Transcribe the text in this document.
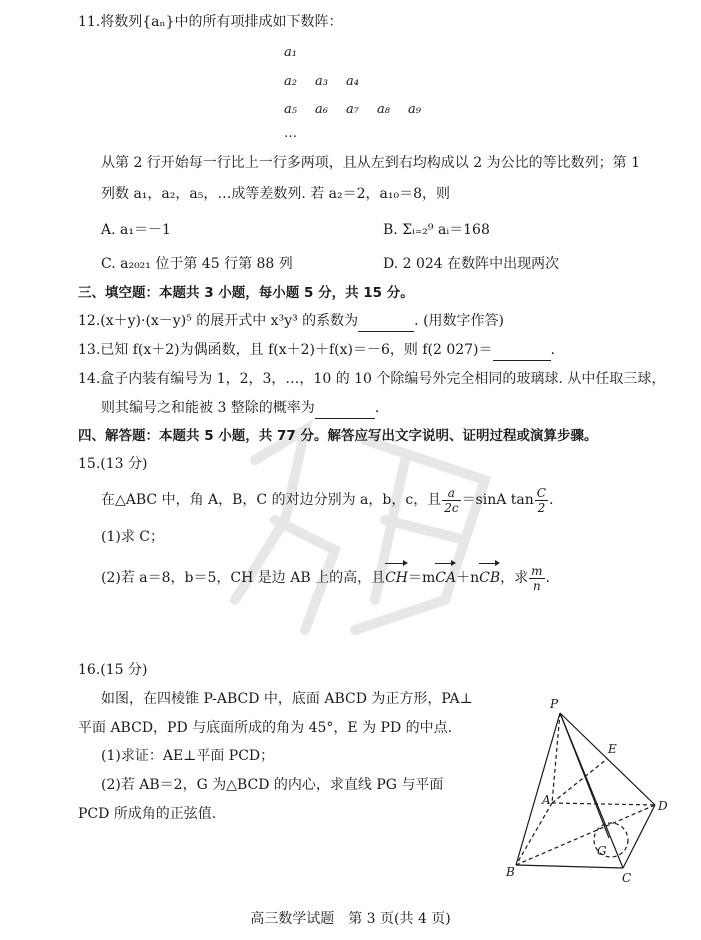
11.将数列{aₙ}中的所有项排成如下数阵：
a₁
a₂ a₃ a₄
a₅ a₆ a₇ a₈ a₉
…
从第 2 行开始每一行比上一行多两项，且从左到右均构成以 2 为公比的等比数列；第 1
列数 a₁，a₂，a₅，…成等差数列. 若 a₂＝2，a₁₀＝8，则
A. a₁＝－1	B. Σᵢ₌₂⁹ aᵢ＝168
C. a₂₀₂₁ 位于第 45 行第 88 列	D. 2 024 在数阵中出现两次
三、填空题：本题共 3 小题，每小题 5 分，共 15 分。
12.(x＋y)·(x－y)⁵ 的展开式中 x³y³ 的系数为	. (用数字作答)
13.已知 f(x＋2)为偶函数，且 f(x＋2)＋f(x)＝－6，则 f(2 027)＝	.
14.盒子内装有编号为 1，2，3，…，10 的 10 个除编号外完全相同的玻璃球. 从中任取三球，
则其编号之和能被 3 整除的概率为	.
四、解答题：本题共 5 小题，共 77 分。解答应写出文字说明、证明过程或演算步骤。
15.(13 分)
在△ABC 中，角 A，B，C 的对边分别为 a，b，c，且 $\frac{a}{2c} =\sin A$ $\tan \frac{C}{2}$ .
(1)求 C；
(2)若 a＝8，b＝5，CH 是边 AB 上的高，且CH＝mCA＋nCB，求 $\frac{m}{n}$ .
16.(15 分)
如图，在四棱锥 P-ABCD 中，底面 ABCD 为正方形，PA⊥
平面 ABCD，PD 与底面所成的角为 45°，E 为 PD 的中点.
(1)求证：AE⊥平面 PCD；
(2)若 AB＝2，G 为△BCD 的内心，求直线 PG 与平面
PCD 所成角的正弦值.
P
E
A	D
B	C
G
高三数学试题　第 3 页(共 4 页)
